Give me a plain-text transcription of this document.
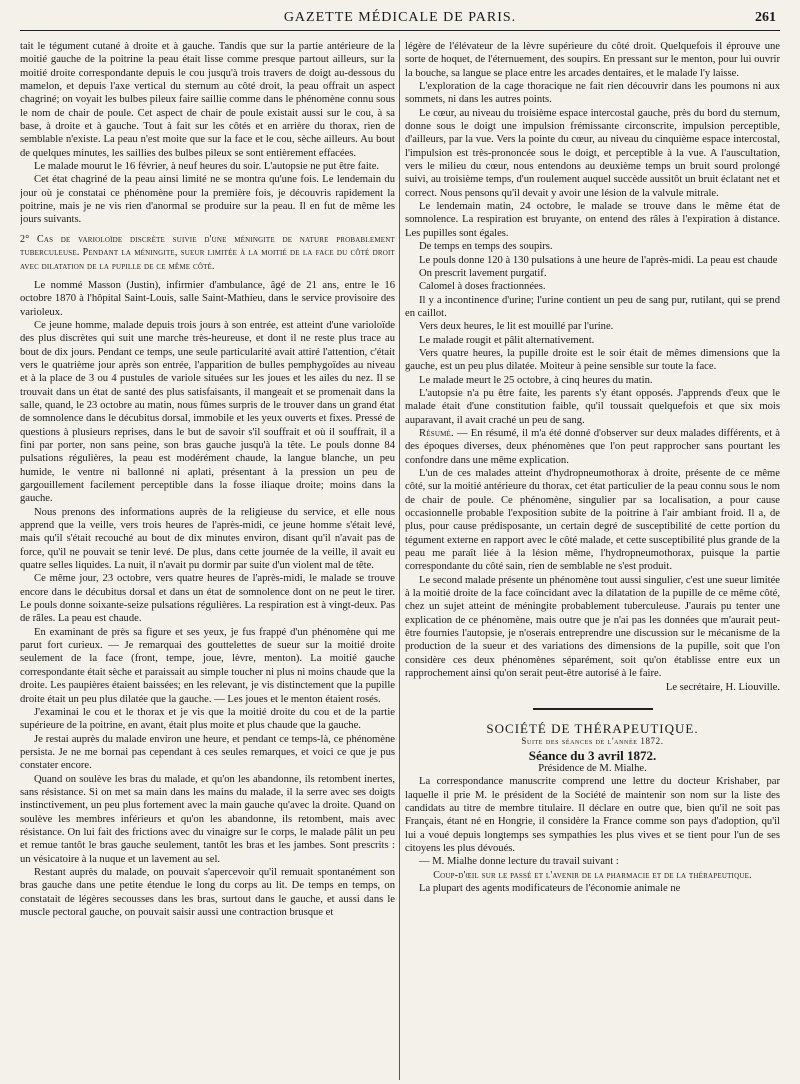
GAZETTE MÉDICALE DE PARIS.	261

tait le tégument cutané à droite et à gauche. Tandis que sur la partie antérieure de la moitié gauche de la poitrine la peau était lisse comme presque partout ailleurs, sur la moitié droite correspondante depuis le cou jusqu'à trois travers de doigt au-dessous du mamelon, et depuis l'axe vertical du sternum au côté droit, la peau offrait un aspect chagriné; on voyait les bulbes pileux faire saillie comme dans le phénomène connu sous le nom de chair de poule. Cet aspect de chair de poule existait aussi sur le cou, à sa base, à droite et à gauche. Tout à fait sur les côtés et en arrière du thorax, rien de semblable n'existe. La peau n'est moite que sur la face et le cou, sèche ailleurs. Au bout de quelques minutes, les saillies des bulbes pileux se sont entièrement effacées.

Le malade mourut le 16 février, à neuf heures du soir. L'autopsie ne put être faite.

Cet état chagriné de la peau ainsi limité ne se montra qu'une fois. Le lendemain du jour où je constatai ce phénomène pour la première fois, je découvris rapidement la poitrine, mais je ne vis rien d'anormal se produire sur la peau. Il en fut de même les jours suivants.

2° Cas de varioloïde discrète suivie d'une méningite de nature probablement tuberculeuse. Pendant la méningite, sueur limitée à la moitié de la face du côté droit avec dilatation de la pupille de ce même côté.

Le nommé Masson (Justin), infirmier d'ambulance, âgé de 21 ans, entre le 16 octobre 1870 à l'hôpital Saint-Louis, salle Saint-Mathieu, dans le service provisoire des varioleux.

Ce jeune homme, malade depuis trois jours à son entrée, est atteint d'une varioloïde des plus discrètes qui suit une marche très-heureuse, et dont il ne reste plus trace au bout de dix jours. Pendant ce temps, une seule particularité avait attiré l'attention, c'était vers le quatrième jour après son entrée, l'apparition de bulles pemphygoïdes au niveau et à la place de 3 ou 4 pustules de variole situées sur les joues et les ailes du nez. Il se trouvait dans un état de santé des plus satisfaisants, il mangeait et se promenait dans la salle, quand, le 23 octobre au matin, nous fûmes surpris de le trouver dans un grand état de somnolence dans le décubitus dorsal, immobile et les yeux ouverts et fixes. Pressé de questions à plusieurs reprises, dans le but de savoir s'il souffrait et où il souffrait, il a fini par porter, non sans peine, son bras gauche jusqu'à la tête. Le pouls donne 84 pulsations régulières, la peau est modérément chaude, la langue blanche, un peu humide, le ventre ni ballonné ni aplati, présentant à la pression un peu de gargouillement facilement perceptible dans la fosse iliaque droite; moins dans la gauche.

Nous prenons des informations auprès de la religieuse du service, et elle nous apprend que la veille, vers trois heures de l'après-midi, ce jeune homme s'était levé, mais qu'il s'était recouché au bout de dix minutes environ, disant qu'il n'avait pas de force, qu'il ne pouvait se tenir levé. De plus, dans cette journée de la veille, il avait eu quatre selles liquides. La nuit, il n'avait pu dormir par suite d'un violent mal de tête.

Ce même jour, 23 octobre, vers quatre heures de l'après-midi, le malade se trouve encore dans le décubitus dorsal et dans un état de somnolence dont on ne peut le tirer. Le pouls donne soixante-seize pulsations régulières. La respiration est à vingt-deux. Pas de râles. La peau est chaude.

En examinant de près sa figure et ses yeux, je fus frappé d'un phénomène qui me parut fort curieux. — Je remarquai des gouttelettes de sueur sur la moitié droite seulement de la face (front, tempe, joue, lèvre, menton). La moitié gauche correspondante était sèche et paraissait au simple toucher ni plus ni moins chaude que la droite. Les paupières étaient baissées; en les relevant, je vis distinctement que la pupille droite était un peu plus dilatée que la gauche. — Les joues et le menton étaient rosés.

J'examinai le cou et le thorax et je vis que la moitié droite du cou et de la partie supérieure de la poitrine, en avant, était plus moite et plus chaude que la gauche.

Je restai auprès du malade environ une heure, et pendant ce temps-là, ce phénomène persista. Je ne me bornai pas cependant à ces seules remarques, et voici ce que je pus constater encore.

Quand on soulève les bras du malade, et qu'on les abandonne, ils retombent inertes, sans résistance. Si on met sa main dans les mains du malade, il la serre avec ses doigts instinctivement, un peu plus fortement avec la main gauche qu'avec la droite. Quand on soulève les membres inférieurs et qu'on les abandonne, ils retombent, mais avec résistance. On lui fait des frictions avec du vinaigre sur le corps, le malade pâlit un peu et remue tantôt le bras gauche seulement, tantôt les bras et les jambes. Sont prescrits : un vésicatoire à la nuque et un lavement au sel.

Restant auprès du malade, on pouvait s'apercevoir qu'il remuait spontanément son bras gauche dans une petite étendue le long du corps au lit. De temps en temps, on constatait de légères secousses dans les bras, surtout dans le gauche, et aussi dans le muscle pectoral gauche, on pouvait saisir aussi une contraction brusque et

légère de l'élévateur de la lèvre supérieure du côté droit. Quelquefois il éprouve une sorte de hoquet, de l'éternuement, des soupirs. En pressant sur le menton, pour lui ouvrir la bouche, sa langue se place entre les arcades dentaires, et le malade l'y laisse.

L'exploration de la cage thoracique ne fait rien découvrir dans les poumons ni aux sommets, ni dans les autres points.

Le cœur, au niveau du troisième espace intercostal gauche, près du bord du sternum, donne sous le doigt une impulsion frémissante circonscrite, impulsion perceptible, d'ailleurs, par la vue. Vers la pointe du cœur, au niveau du cinquième espace intercostal, l'impulsion est très-prononcée sous le doigt, et perceptible à la vue. A l'auscultation, vers le milieu du cœur, nous entendons au deuxième temps un bruit sourd prolongé suivi, au troisième temps, d'un roulement auquel succède aussitôt un bruit éclatant net et correct. Nous pensons qu'il devait y avoir une lésion de la valvule mitrale.

Le lendemain matin, 24 octobre, le malade se trouve dans le même état de somnolence. La respiration est bruyante, on entend des râles à l'expiration à distance. Les pupilles sont égales.

De temps en temps des soupirs.

Le pouls donne 120 à 130 pulsations à une heure de l'après-midi. La peau est chaude

On prescrit lavement purgatif.

Calomel à doses fractionnées.

Il y a incontinence d'urine; l'urine contient un peu de sang pur, rutilant, qui se prend en caillot.

Vers deux heures, le lit est mouillé par l'urine.

Le malade rougit et pâlit alternativement.

Vers quatre heures, la pupille droite est le soir était de mêmes dimensions que la gauche, est un peu plus dilatée. Moiteur à peine sensible sur toute la face.

Le malade meurt le 25 octobre, à cinq heures du matin.

L'autopsie n'a pu être faite, les parents s'y étant opposés. J'apprends d'eux que le malade était d'une constitution faible, qu'il toussait quelquefois et que six mois auparavant, il avait craché un peu de sang.

Résumé. — En résumé, il m'a été donné d'observer sur deux malades différents, et à des époques diverses, deux phénomènes que l'on peut rapprocher sans pourtant les confondre dans une même explication.

L'un de ces malades atteint d'hydropneumothorax à droite, présente de ce même côté, sur la moitié antérieure du thorax, cet état particulier de la peau connu sous le nom de chair de poule. Ce phénomène, singulier par sa localisation, a pour cause occasionnelle probable l'exposition subite de la poitrine à l'air ambiant froid. Il a, de plus, pour cause prédisposante, un certain degré de susceptibilité de cette portion du tégument externe en rapport avec le côté malade, et cette susceptibilité plus grande de la peau me paraît liée à la lésion même, l'hydropneumothorax, puisque la partie correspondante du côté sain, rien de semblable ne s'est produit.

Le second malade présente un phénomène tout aussi singulier, c'est une sueur limitée à la moitié droite de la face coïncidant avec la dilatation de la pupille de ce même côté, chez un sujet atteint de méningite probablement tuberculeuse. J'aurais pu tenter une explication de ce phénomène, mais outre que je n'ai pas les données que m'aurait peut-être fournies l'autopsie, je n'oserais entreprendre une discussion sur le mécanisme de la production de la sueur et des variations des dimensions de la pupille, soit que l'on considère ces deux phénomènes séparément, soit qu'on établisse entre eux un rapprochement ainsi qu'on serait peut-être autorisé à le faire.

Le secrétaire, H. Liouville.

SOCIÉTÉ DE THÉRAPEUTIQUE.

Suite des séances de l'année 1872.

Séance du 3 avril 1872.

Présidence de M. Mialhe.

La correspondance manuscrite comprend une lettre du docteur Krishaber, par laquelle il prie M. le président de la Société de maintenir son nom sur la liste des candidats au titre de membre titulaire. Il déclare en outre que, bien qu'il ne soit pas Français, étant né en Hongrie, il considère la France comme son pays d'adoption, qu'il lui a voué depuis longtemps ses sympathies les plus vives et se tient pour l'un de ses citoyens les plus dévoués.

— M. Mialhe donne lecture du travail suivant :

Coup-d'œil sur le passé et l'avenir de la pharmacie et de la thérapeutique.

La plupart des agents modificateurs de l'économie animale ne
